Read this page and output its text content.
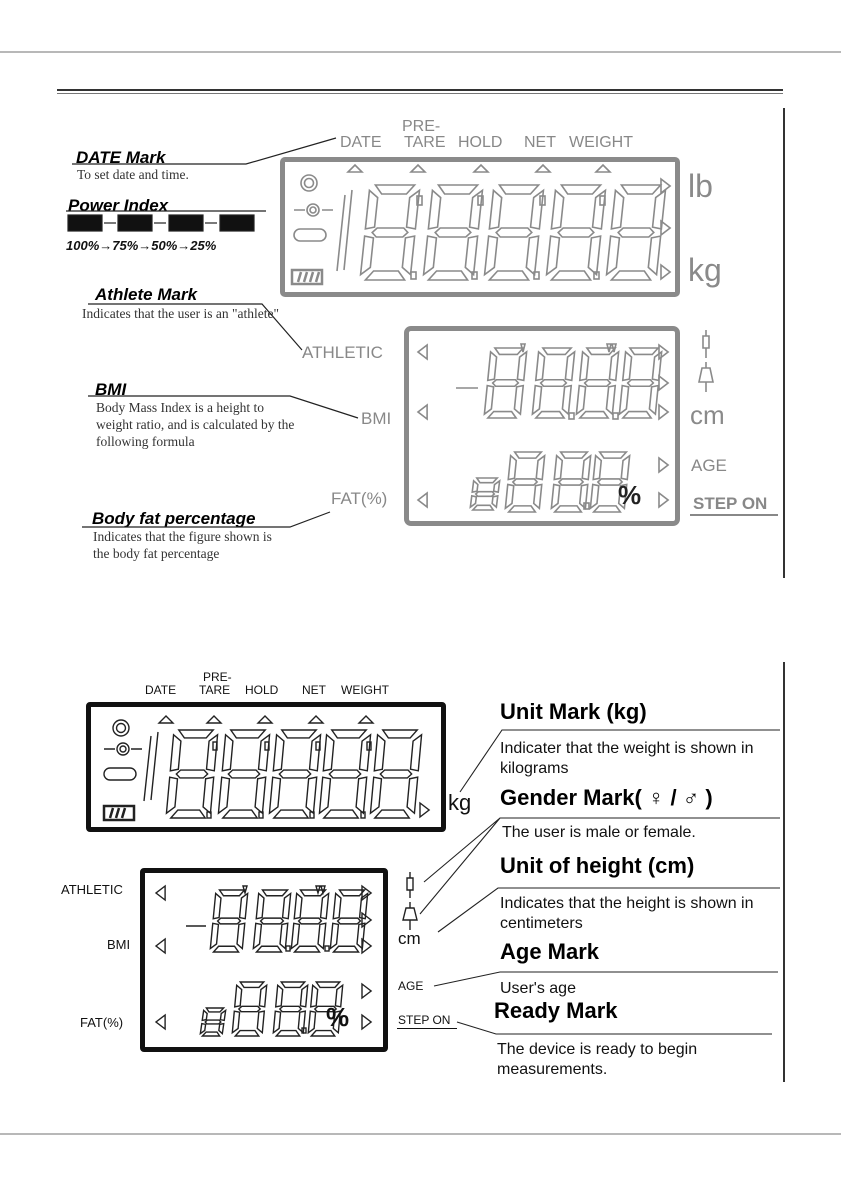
DATE
PRE-
TARE HOLD NET WEIGHT
lb
kg
%
ATHLETIC
BMI
FAT(%)
cm
AGE
STEP ON
DATE Mark
To set date and time.
Power Index
100%→75%→50%→25%
Athlete Mark
Indicates that the user is an "athlete"
BMI
Body Mass Index is a height to weight ratio, and is calculated by the following formula
Body fat percentage
Indicates that the figure shown is the body fat percentage
DATE
PRE-
TARE HOLD NET WEIGHT
kg
%
ATHLETIC
BMI
FAT(%)
cm
AGE
STEP ON
Unit Mark (kg)
Indicater that the weight is shown in kilograms
Gender Mark( ♀ / ♂ )
The user is male or female.
Unit of height (cm)
Indicates that the height is shown in centimeters
Age Mark
User's age
Ready Mark
The device is ready to begin measurements.
